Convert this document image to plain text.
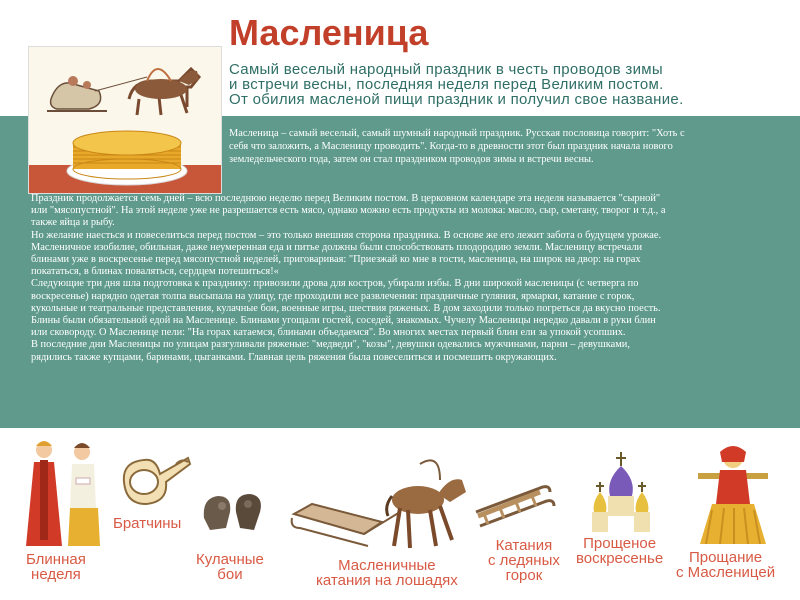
Масленица
Самый веселый народный праздник в честь проводов зимы
и встречи весны, последняя неделя перед Великим постом.
От обилия масленой пищи праздник и получил свое название.
Масленица – самый веселый, самый шумный народный праздник. Русская пословица говорит: "Хоть с
себя что заложить, а Масленицу проводить". Когда-то в древности этот был праздник начала нового
земледельческого года, затем он стал праздником проводов зимы и встречи весны.

Праздник продолжается семь дней – всю последнюю неделю перед Великим постом. В церковном календаре эта неделя называется "сырной"

или "мясопустной". На этой неделе уже не разрешается есть мясо, однако можно есть продукты из молока: масло, сыр, сметану, творог и т.д., а

также яйца и рыбу.

Но желание наесться и повеселиться перед постом – это только внешняя сторона праздника. В основе же его лежит забота о будущем урожае.

Масленичное изобилие, обильная, даже неумеренная еда и питье должны были способствовать плодородию земли. Масленицу встречали

блинами уже в воскресенье перед мясопустной неделей, приговаривая: "Приезжай ко мне в гости, масленица, на широк на двор: на горах

покататься, в блинах поваляться, сердцем потешиться!«

Следующие три дня шла подготовка к празднику: привозили дрова для костров, убирали избы. В дни широкой масленицы (с четверга по

воскресенье) нарядно одетая толпа высыпала на улицу, где проходили все развлечения: праздничные гуляния, ярмарки, катание с горок,

кукольные и театральные представления, кулачные бои, военные игры, шествия ряженых. В дом заходили только погреться да вкусно поесть.

Блины были обязательной едой на Масленице. Блинами угощали гостей, соседей, знакомых. Чучелу Масленицы нередко давали в руки блин

или сковороду. О Масленице пели: "На горах катаемся, блинами объедаемся". Во многих местах первый блин ели за упокой усопших.

В последние дни Масленицы по улицам разгуливали ряженые: "медведи", "козы", девушки одевались мужчинами, парни – девушками,

рядились также купцами, баринами, цыганками. Главная цель ряжения была повеселиться и посмешить окружающих.

Блинная
неделя
Братчины
Кулачные
бои
Масленичные
катания на лошадях
Катания
с ледяных
горок
Прощеное
воскресенье	Прощание
с Масленицей
